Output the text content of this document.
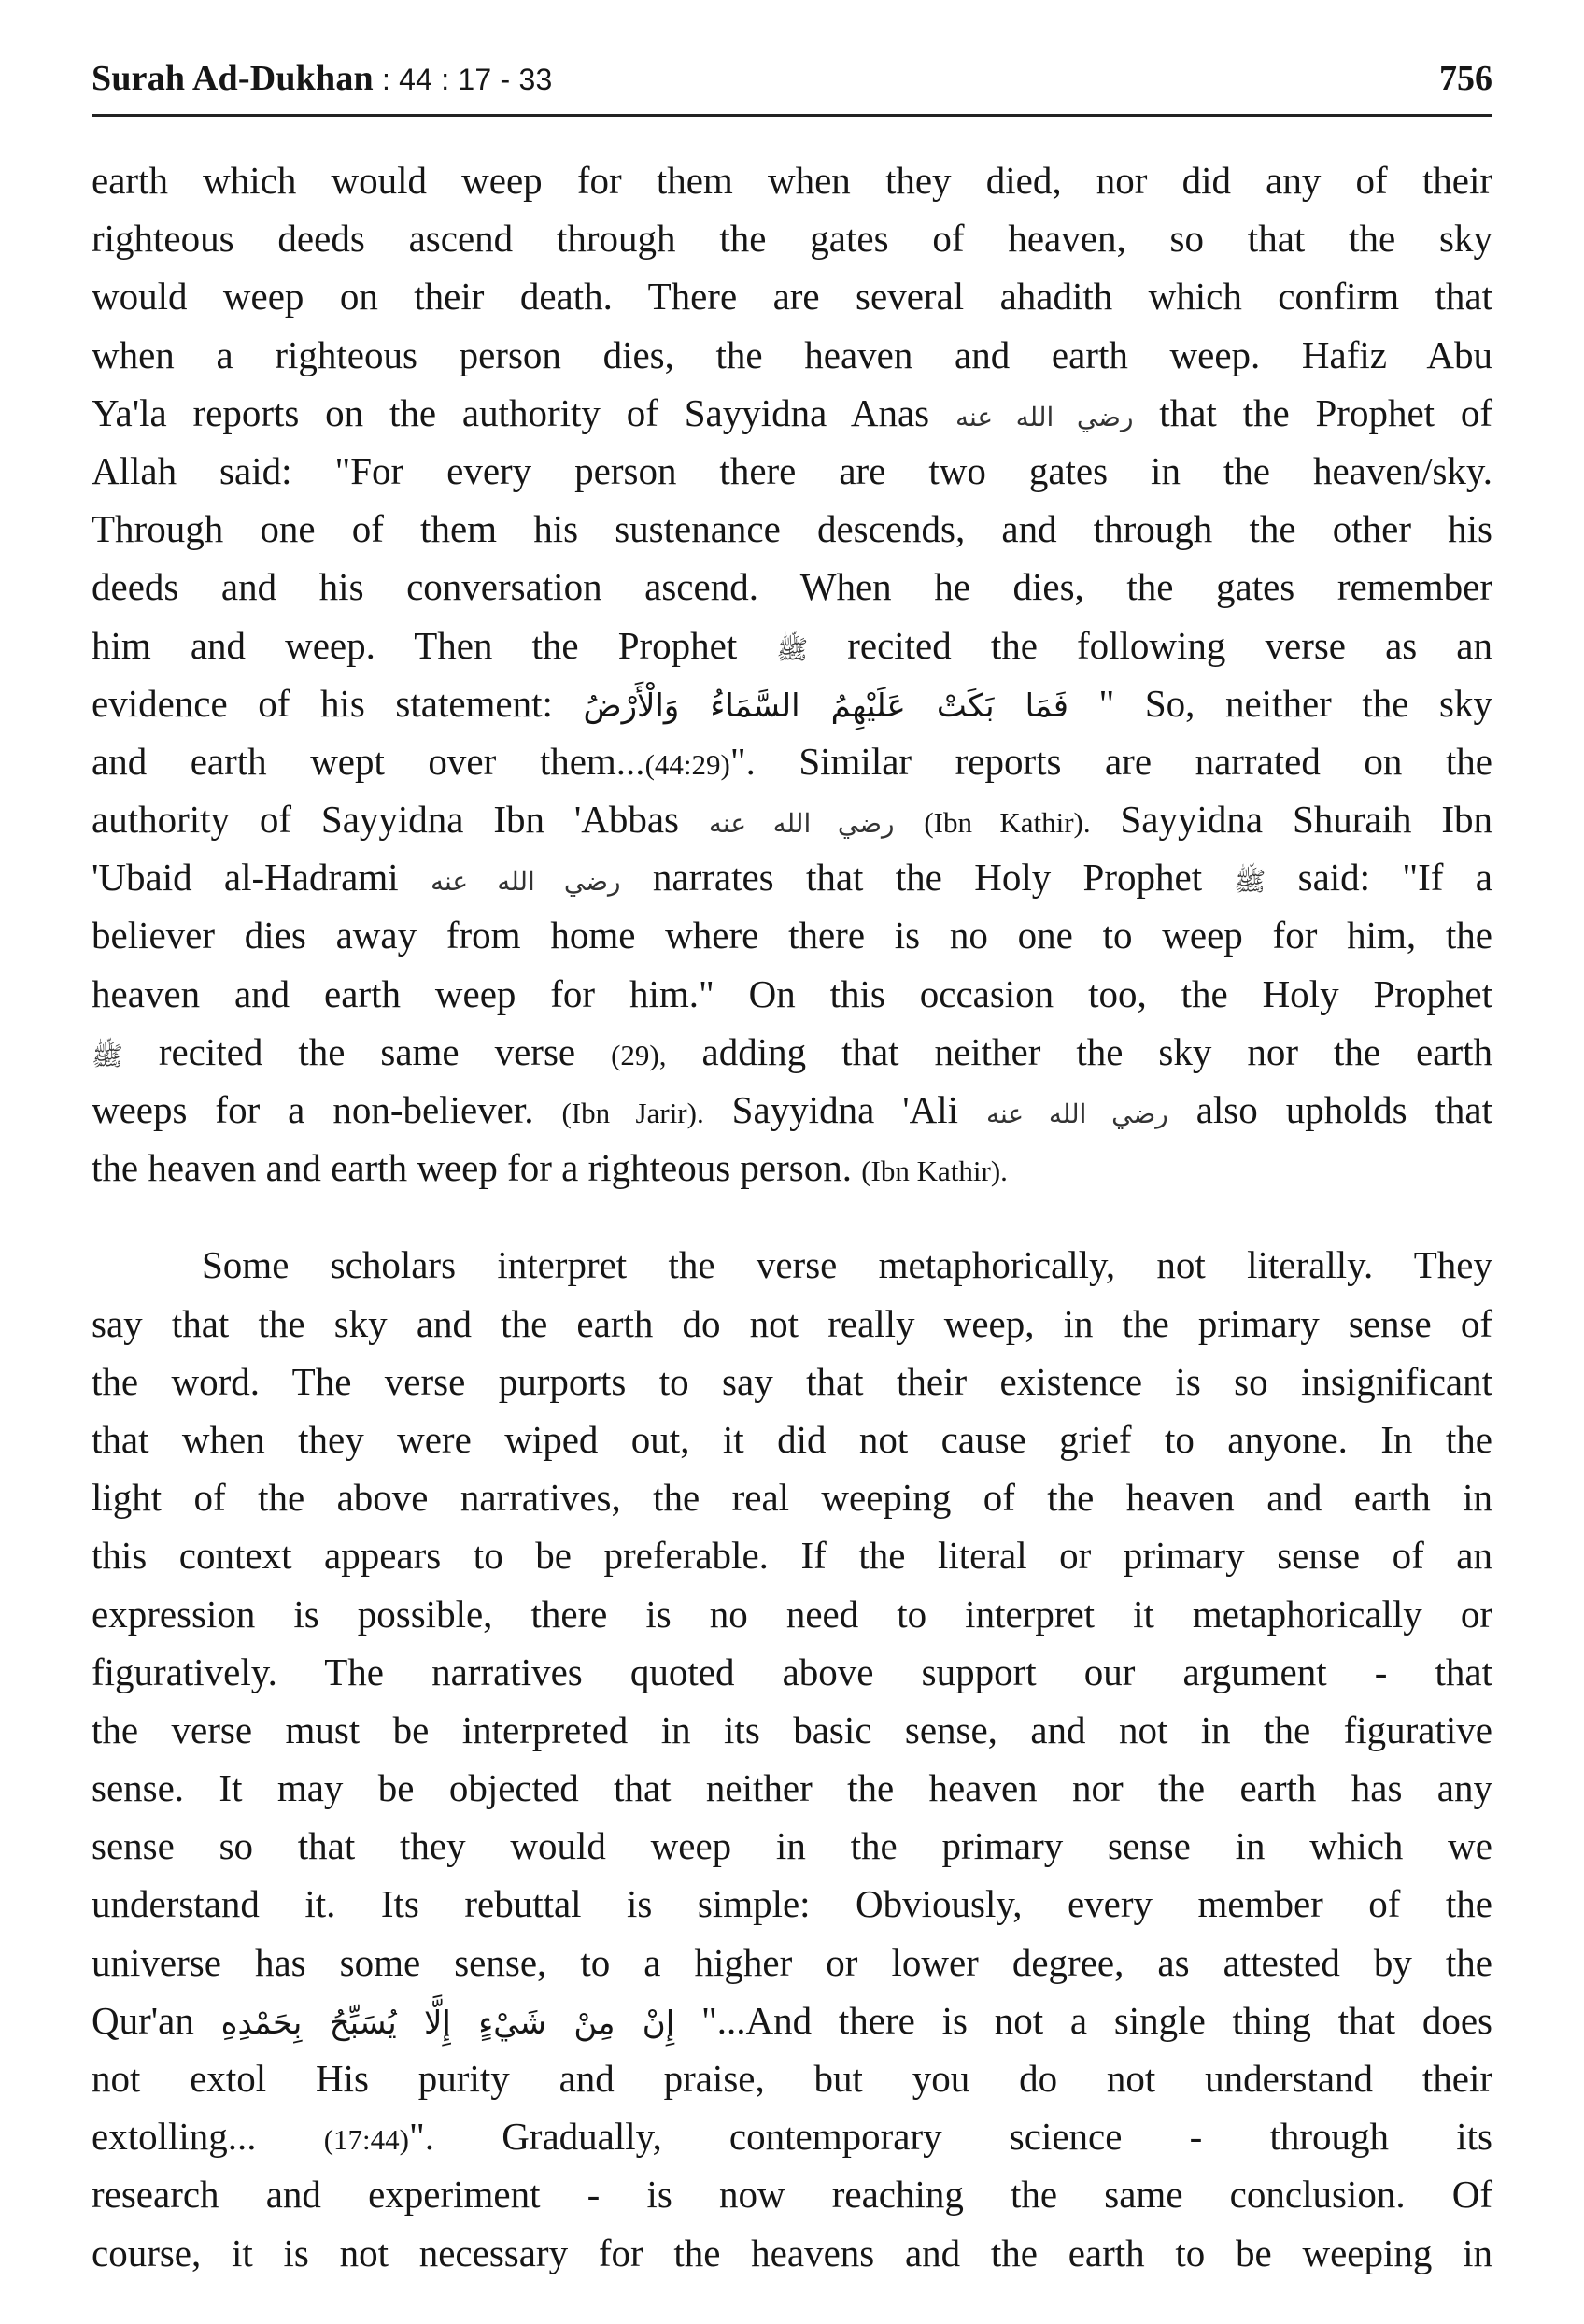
Surah Ad-Dukhan : 44 : 17 - 33	756
earth which would weep for them when they died, nor did any of their
righteous deeds ascend through the gates of heaven, so that the sky
would weep on their death. There are several ahadith which confirm that
when a righteous person dies, the heaven and earth weep. Hafiz Abu
Ya'la reports on the authority of Sayyidna Anas رضي الله عنه that the Prophet of
Allah said: "For every person there are two gates in the heaven/sky.
Through one of them his sustenance descends, and through the other his
deeds and his conversation ascend. When he dies, the gates remember
him and weep. Then the Prophet ﷺ recited the following verse as an
evidence of his statement: فَمَا بَكَتْ عَلَيْهِمُ السَّمَاءُ وَالْأَرْضُ " So, neither the sky
and earth wept over them...(44:29)". Similar reports are narrated on the
authority of Sayyidna Ibn 'Abbas رضي الله عنه (Ibn Kathir). Sayyidna Shuraih Ibn
'Ubaid al-Hadrami رضي الله عنه narrates that the Holy Prophet ﷺ said: "If a
believer dies away from home where there is no one to weep for him, the
heaven and earth weep for him." On this occasion too, the Holy Prophet
ﷺ recited the same verse (29), adding that neither the sky nor the earth
weeps for a non-believer. (Ibn Jarir). Sayyidna 'Ali رضي الله عنه also upholds that
the heaven and earth weep for a righteous person. (Ibn Kathir).
Some scholars interpret the verse metaphorically, not literally. They
say that the sky and the earth do not really weep, in the primary sense of
the word. The verse purports to say that their existence is so insignificant
that when they were wiped out, it did not cause grief to anyone. In the
light of the above narratives, the real weeping of the heaven and earth in
this context appears to be preferable. If the literal or primary sense of an
expression is possible, there is no need to interpret it metaphorically or
figuratively. The narratives quoted above support our argument - that
the verse must be interpreted in its basic sense, and not in the figurative
sense. It may be objected that neither the heaven nor the earth has any
sense so that they would weep in the primary sense in which we
understand it. Its rebuttal is simple: Obviously, every member of the
universe has some sense, to a higher or lower degree, as attested by the
Qur'an إِنْ مِنْ شَيْءٍ إِلَّا يُسَبِّحُ بِحَمْدِهِ "...And there is not a single thing that does
not extol His purity and praise, but you do not understand their
extolling... (17:44)". Gradually, contemporary science - through its
research and experiment - is now reaching the same conclusion. Of
course, it is not necessary for the heavens and the earth to be weeping in
